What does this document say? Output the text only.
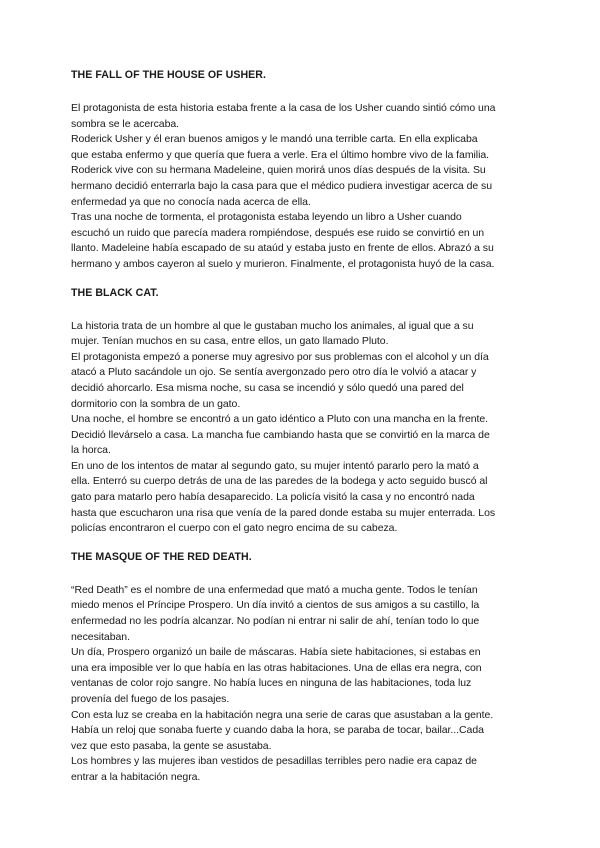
THE FALL OF THE HOUSE OF USHER.

El protagonista de esta historia estaba frente a la casa de los Usher cuando sintió cómo una

sombra se le acercaba.

Roderick Usher y él eran buenos amigos y le mandó una terrible carta. En ella explicaba

que estaba enfermo y que quería que fuera a verle. Era el último hombre vivo de la familia.

Roderick vive con su hermana Madeleine, quien morirá unos días después de la visita. Su

hermano decidió enterrarla bajo la casa para que el médico pudiera investigar acerca de su

enfermedad ya que no conocía nada acerca de ella.

Tras una noche de tormenta, el protagonista estaba leyendo un libro a Usher cuando

escuchó un ruido que parecía madera rompiéndose, después ese ruido se convirtió en un

llanto. Madeleine había escapado de su ataúd y estaba justo en frente de ellos. Abrazó a su

hermano y ambos cayeron al suelo y murieron. Finalmente, el protagonista huyó de la casa.

THE BLACK CAT.

La historia trata de un hombre al que le gustaban mucho los animales, al igual que a su

mujer. Tenían muchos en su casa, entre ellos, un gato llamado Pluto.

El protagonista empezó a ponerse muy agresivo por sus problemas con el alcohol y un día

atacó a Pluto sacándole un ojo. Se sentía avergonzado pero otro día le volvió a atacar y

decidió ahorcarlo. Esa misma noche, su casa se incendió y sólo quedó una pared del

dormitorio con la sombra de un gato.

Una noche, el hombre se encontró a un gato idéntico a Pluto con una mancha en la frente.

Decidió llevárselo a casa. La mancha fue cambiando hasta que se convirtió en la marca de

la horca.

En uno de los intentos de matar al segundo gato, su mujer intentó pararlo pero la mató a

ella. Enterró su cuerpo detrás de una de las paredes de la bodega y acto seguido buscó al

gato para matarlo pero había desaparecido. La policía visitó la casa y no encontró nada

hasta que escucharon una risa que venía de la pared donde estaba su mujer enterrada. Los

policías encontraron el cuerpo con el gato negro encima de su cabeza.

THE MASQUE OF THE RED DEATH.

“Red Death” es el nombre de una enfermedad que mató a mucha gente. Todos le tenían

miedo menos el Príncipe Prospero. Un día invitó a cientos de sus amigos a su castillo, la

enfermedad no les podría alcanzar. No podían ni entrar ni salir de ahí, tenían todo lo que

necesitaban.

Un día, Prospero organizó un baile de máscaras. Había siete habitaciones, si estabas en

una era imposible ver lo que había en las otras habitaciones. Una de ellas era negra, con

ventanas de color rojo sangre. No había luces en ninguna de las habitaciones, toda luz

provenía del fuego de los pasajes.

Con esta luz se creaba en la habitación negra una serie de caras que asustaban a la gente.

Había un reloj que sonaba fuerte y cuando daba la hora, se paraba de tocar, bailar...Cada

vez que esto pasaba, la gente se asustaba.

Los hombres y las mujeres iban vestidos de pesadillas terribles pero nadie era capaz de

entrar a la habitación negra.
